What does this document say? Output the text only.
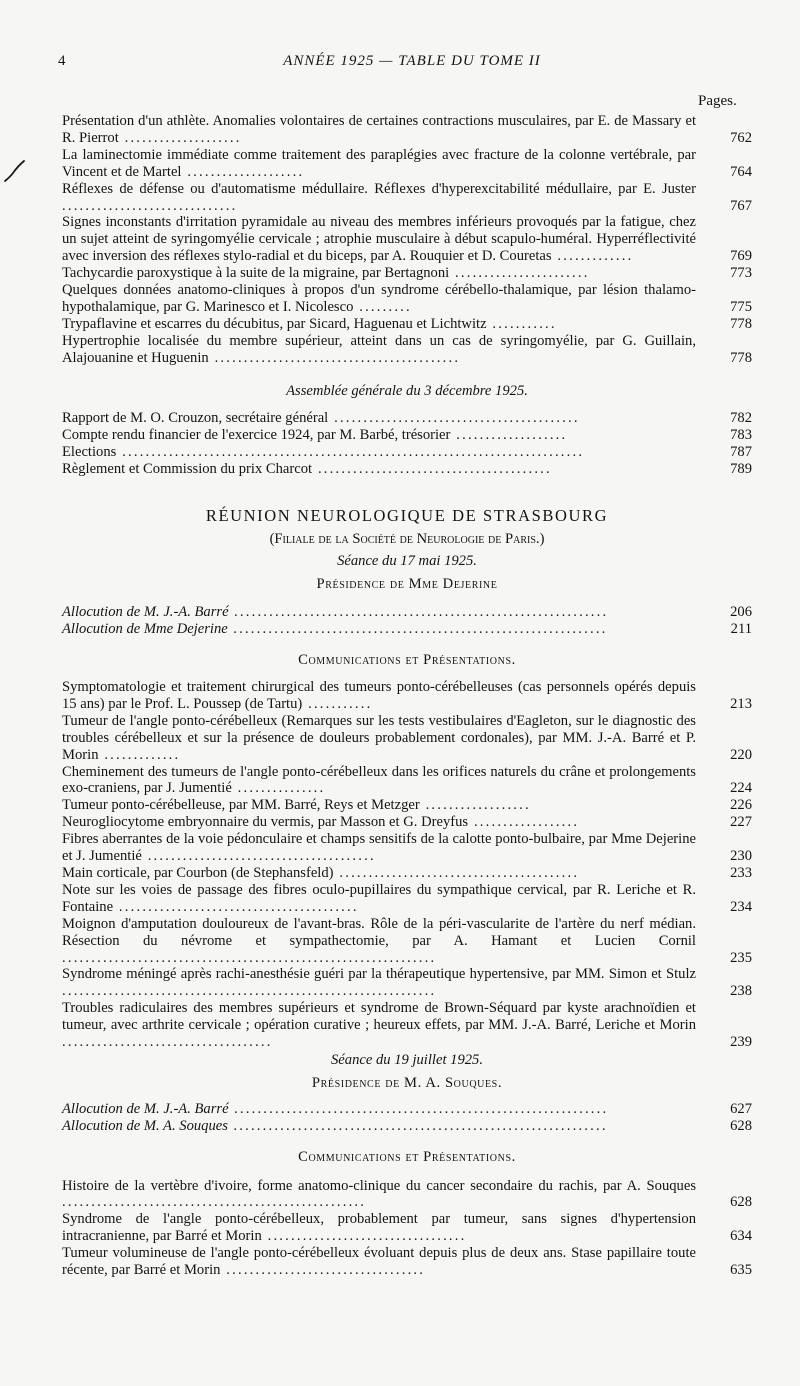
4	ANNÉE 1925 — TABLE DU TOME II
Pages.
Présentation d'un athlète. Anomalies volontaires de certaines contractions musculaires, par E. de Massary et R. Pierrot ....................	762
La laminectomie immédiate comme traitement des paraplégies avec fracture de la colonne vertébrale, par Vincent et de Martel ....................	764
Réflexes de défense ou d'automatisme médullaire. Réflexes d'hyperexcitabilité médullaire, par E. Juster ..............................	767
Signes inconstants d'irritation pyramidale au niveau des membres inférieurs provoqués par la fatigue, chez un sujet atteint de syringomyélie cervicale ; atrophie musculaire à début scapulo-huméral. Hyperréflectivité avec inversion des réflexes stylo-radial et du biceps, par A. Rouquier et D. Couretas .............	769
Tachycardie paroxystique à la suite de la migraine, par Bertagnoni .......................	773
Quelques données anatomo-cliniques à propos d'un syndrome cérébello-thalamique, par lésion thalamo-hypothalamique, par G. Marinesco et I. Nicolesco .........	775
Trypaflavine et escarres du décubitus, par Sicard, Haguenau et Lichtwitz ...........	778
Hypertrophie localisée du membre supérieur, atteint dans un cas de syringomyélie, par G. Guillain, Alajouanine et Huguenin ..........................................	778
Assemblée générale du 3 décembre 1925.
Rapport de M. O. Crouzon, secrétaire général ..........................................	782
Compte rendu financier de l'exercice 1924, par M. Barbé, trésorier ...................	783
Elections ...............................................................................	787
Règlement et Commission du prix Charcot ........................................	789
RÉUNION NEUROLOGIQUE DE STRASBOURG
(Filiale de la Société de Neurologie de Paris.)
Séance du 17 mai 1925.
Présidence de Mme Dejerine
Allocution de M. J.-A. Barré ................................................................	206
Allocution de Mme Dejerine ................................................................	211
Communications et Présentations.
Symptomatologie et traitement chirurgical des tumeurs ponto-cérébelleuses (cas personnels opérés depuis 15 ans) par le Prof. L. Poussep (de Tartu) ...........	213
Tumeur de l'angle ponto-cérébelleux (Remarques sur les tests vestibulaires d'Eagleton, sur le diagnostic des troubles cérébelleux et sur la présence de douleurs probablement cordonales), par MM. J.-A. Barré et P. Morin .............	220
Cheminement des tumeurs de l'angle ponto-cérébelleux dans les orifices naturels du crâne et prolongements exo-craniens, par J. Jumentié ...............	224
Tumeur ponto-cérébelleuse, par MM. Barré, Reys et Metzger ..................	226
Neurogliocytome embryonnaire du vermis, par Masson et G. Dreyfus ..................	227
Fibres aberrantes de la voie pédonculaire et champs sensitifs de la calotte ponto-bulbaire, par Mme Dejerine et J. Jumentié .......................................	230
Main corticale, par Courbon (de Stephansfeld) .........................................	233
Note sur les voies de passage des fibres oculo-pupillaires du sympathique cervical, par R. Leriche et R. Fontaine .........................................	234
Moignon d'amputation douloureux de l'avant-bras. Rôle de la péri-vascularite de l'artère du nerf médian. Résection du névrome et sympathectomie, par A. Hamant et Lucien Cornil ................................................................	235
Syndrome méningé après rachi-anesthésie guéri par la thérapeutique hypertensive, par MM. Simon et Stulz ................................................................	238
Troubles radiculaires des membres supérieurs et syndrome de Brown-Séquard par kyste arachnoïdien et tumeur, avec arthrite cervicale ; opération curative ; heureux effets, par MM. J.-A. Barré, Leriche et Morin ....................................	239
Séance du 19 juillet 1925.
Présidence de M. A. Souques.
Allocution de M. J.-A. Barré ................................................................	627
Allocution de M. A. Souques ................................................................	628
Communications et Présentations.
Histoire de la vertèbre d'ivoire, forme anatomo-clinique du cancer secondaire du rachis, par A. Souques ....................................................	628
Syndrome de l'angle ponto-cérébelleux, probablement par tumeur, sans signes d'hypertension intracranienne, par Barré et Morin ..................................	634
Tumeur volumineuse de l'angle ponto-cérébelleux évoluant depuis plus de deux ans. Stase papillaire toute récente, par Barré et Morin ..................................	635
